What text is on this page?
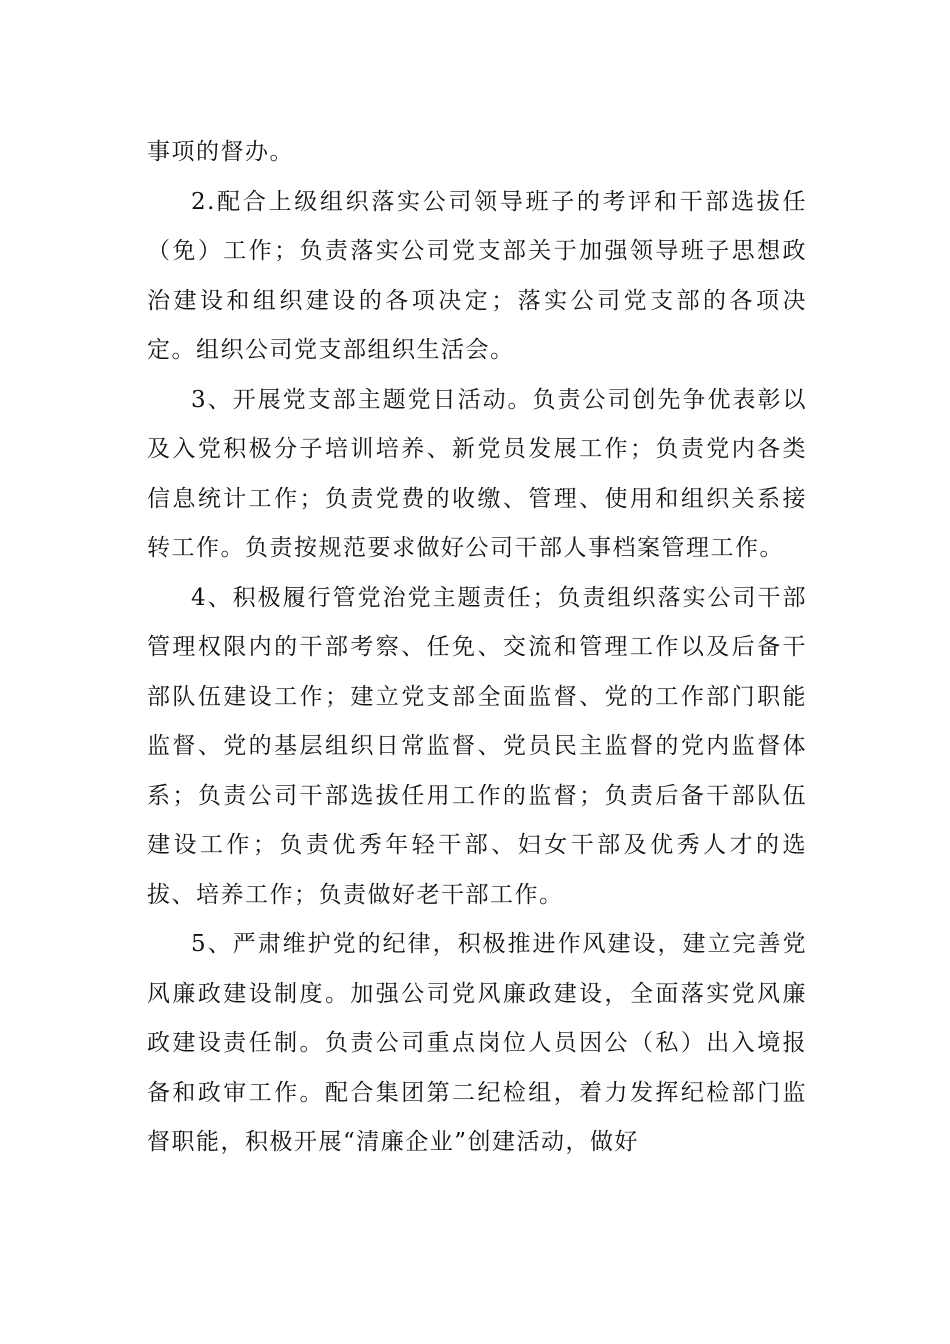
事项的督办。

2.配合上级组织落实公司领导班子的考评和干部选拔任（免）工作；负责落实公司党支部关于加强领导班子思想政治建设和组织建设的各项决定；落实公司党支部的各项决定。组织公司党支部组织生活会。

3、开展党支部主题党日活动。负责公司创先争优表彰以及入党积极分子培训培养、新党员发展工作；负责党内各类信息统计工作；负责党费的收缴、管理、使用和组织关系接转工作。负责按规范要求做好公司干部人事档案管理工作。

4、积极履行管党治党主题责任；负责组织落实公司干部管理权限内的干部考察、任免、交流和管理工作以及后备干部队伍建设工作；建立党支部全面监督、党的工作部门职能监督、党的基层组织日常监督、党员民主监督的党内监督体系；负责公司干部选拔任用工作的监督；负责后备干部队伍建设工作；负责优秀年轻干部、妇女干部及优秀人才的选拔、培养工作；负责做好老干部工作。

5、严肃维护党的纪律，积极推进作风建设，建立完善党风廉政建设制度。加强公司党风廉政建设，全面落实党风廉政建设责任制。负责公司重点岗位人员因公（私）出入境报备和政审工作。配合集团第二纪检组，着力发挥纪检部门监督职能，积极开展“清廉企业”创建活动，做好
